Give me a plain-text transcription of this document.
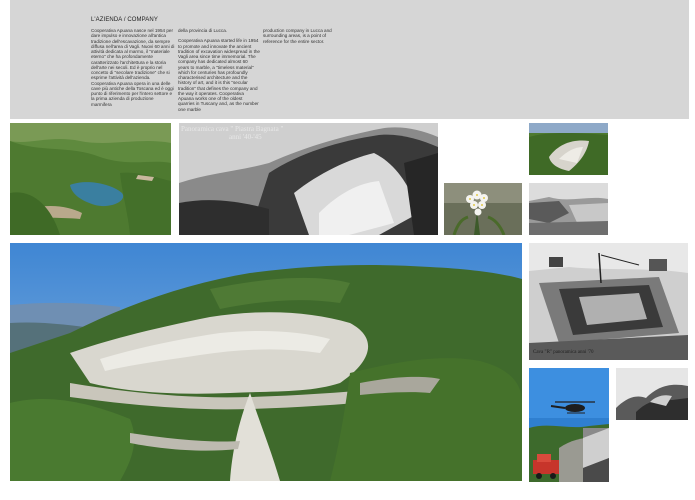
L'AZIENDA / COMPANY

Cooperativa Apuana nasce nel 1954 per dare impulso e innovazione all'antica tradizione dell'escavazione, da sempre diffusa nell'area di Vagli. Nuovi 60 anni di attività dedicata al marmo, il "materiale eterno" che ha profondamente caratterizzato l'architettura e la storia dell'arte nei secoli. Ed è proprio nel concetto di "secolare tradizione" che si esprime l'attività dell'azienda. Cooperativa Apuana opera in una delle cave più antiche della Toscana ed è oggi punto di riferimento per l'intero settore e la prima azienda di produzione marmifera

della provincia di Lucca.

Cooperativa Apuana started life in 1954 to promote and innovate the ancient tradition of excavation widespread in the Vagli area since time immemorial. The company has dedicated almost 60 years to marble, a "timeless material" which for centuries has profoundly characterised architecture and the history of art, and it is this "secular tradition" that defines the company and the way it operates. Cooperativa Apuana works one of the oldest quarries in Tuscany and, as the number one marble

production company in Lucca and surrounding areas, is a point of reference for the entire sector.

Panoramica cava " Piastra Bagnata "
anni '40-'45
Cava "R" panoramica anni '70
